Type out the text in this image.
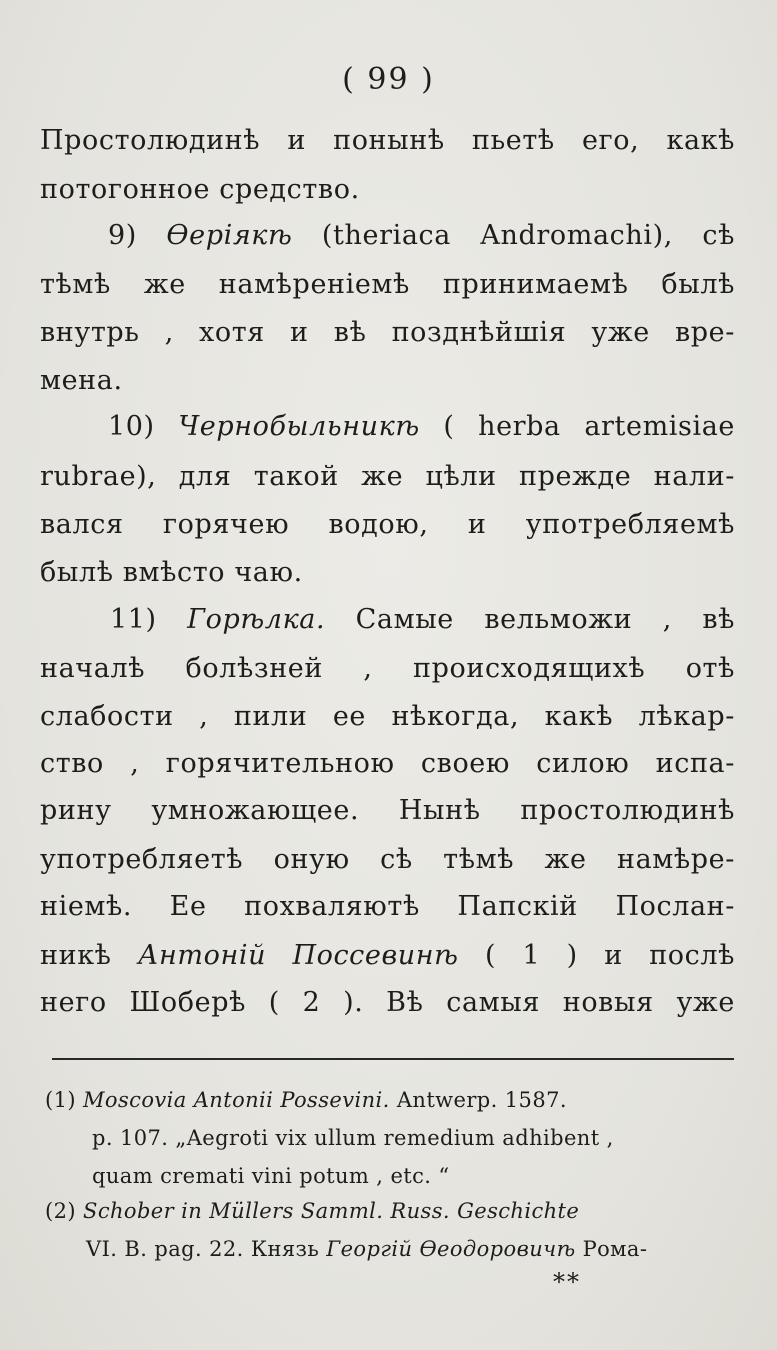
( 99 )
Простолюдинѣ и понынѣ пьетѣ его, какѣ
потогонное средство.
9) Өеріякѣ (theriaca Andromachi), сѣ
тѣмѣ же намѣреніемѣ принимаемѣ былѣ
внутрь , хотя и вѣ позднѣйшія уже вре-
мена.
10) Чернобыльникѣ ( herba artemisiae
rubrae), для такой же цѣли прежде нали-
вался горячею водою, и употребляемѣ
былѣ вмѣсто чаю.
11) Горѣлка. Самые вельможи , вѣ
началѣ болѣзней , происходящихѣ отѣ
слабости , пили ее нѣкогда, какѣ лѣкар-
ство , горячительною своею силою испа-
рину умножающее. Нынѣ простолюдинѣ
употребляетѣ оную сѣ тѣмѣ же намѣре-
ніемѣ. Ее похваляютѣ Папскій Послан-
никѣ Антоній Поссевинѣ ( 1 ) и послѣ
него Шоберѣ ( 2 ). Вѣ самыя новыя уже
(1) Moscovia Antonii Possevini. Antwerp. 1587.
p. 107. „Aegroti vix ullum remedium adhibent ,
quam cremati vini potum , etc. “
(2) Schober in Müllers Samml. Russ. Geschichte
VI. B. pag. 22. Князь Георгій Өеодоровичѣ Рома-
**
